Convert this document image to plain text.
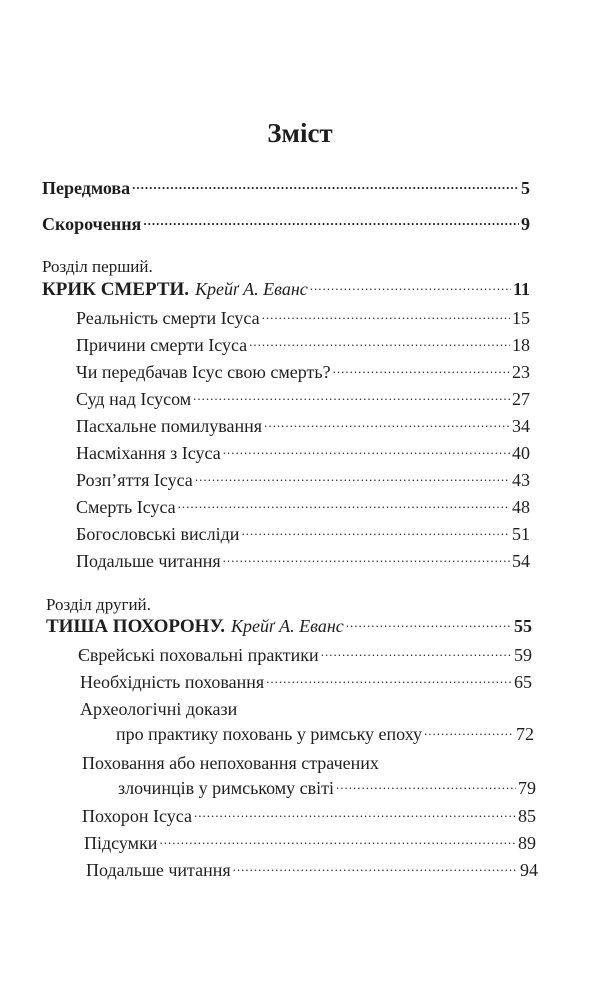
Зміст
Передмова .....	5
Скорочення .....	9
Розділ перший.
КРИК СМЕРТИ. Крейґ А. Еванс .....	11
Реальність смерти Ісуса .....	15
Причини смерти Ісуса .....	18
Чи передбачав Ісус свою смерть? .....	23
Суд над Ісусом .....	27
Пасхальне помилування .....	34
Насміхання з Ісуса .....	40
Розп’яття Ісуса .....	43
Смерть Ісуса .....	48
Богословські висліди .....	51
Подальше читання .....	54
Розділ другий.
ТИША ПОХОРОНУ. Крейґ А. Еванс .....	55
Єврейські поховальні практики .....	59
Необхідність поховання .....	65
Археологічні докази
про практику поховань у римську епоху .....	72
Поховання або непоховання страчених
злочинців у римському світі .....	79
Похорон Ісуса .....	85
Підсумки .....	89
Подальше читання .....	94
